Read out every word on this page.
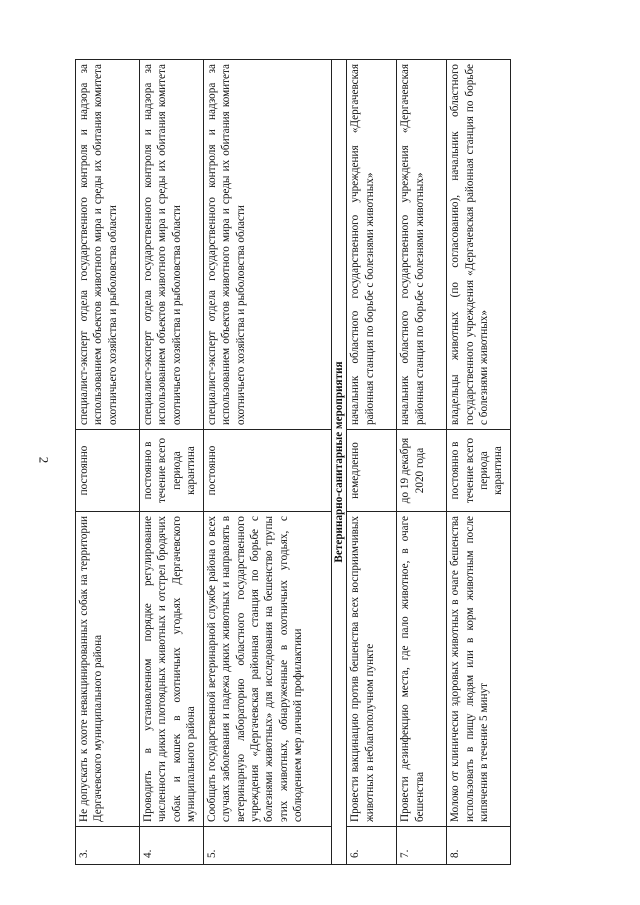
2
3.	Не допускать к охоте невакцинированных собак на территории Дергачевского муниципального района	постоянно	специалист-эксперт отдела государственного контроля и надзора за использованием объектов животного мира и среды их обитания комитета охотничьего хозяйства и рыболовства области
4.	Проводить в установленном порядке регулирование численности диких плотоядных животных и отстрел бродячих собак и кошек в охотничьих угодьях Дергачевского муниципального района	постоянно в течение всего периода карантина	специалист-эксперт отдела государственного контроля и надзора за использованием объектов животного мира и среды их обитания комитета охотничьего хозяйства и рыболовства области
5.	Сообщать государственной ветеринарной службе района о всех случаях заболевания и падежа диких животных и направлять в ветеринарную лабораторию областного государственного учреждения «Дергачевская районная станция по борьбе с болезнями животных» для исследования на бешенство трупы этих животных, обнаруженные в охотничьих угодьях, с соблюдением мер личной профилактики	постоянно	специалист-эксперт отдела государственного контроля и надзора за использованием объектов животного мира и среды их обитания комитета охотничьего хозяйства и рыболовства области
Ветеринарно-санитарные мероприятия			
6.	Провести вакцинацию против бешенства всех восприимчивых животных в неблагополучном пункте	немедленно	начальник областного государственного учреждения «Дергачевская районная станция по борьбе с болезнями животных»
7.	Провести дезинфекцию места, где пало животное, в очаге бешенства	до 19 декабря 2020 года	начальник областного государственного учреждения «Дергачевская районная станция по борьбе с болезнями животных»
8.	Молоко от клинически здоровых животных в очаге бешенства использовать в пищу людям или в корм животным после кипячения в течение 5 минут	постоянно в течение всего периода карантина	владельцы животных (по согласованию), начальник областного государственного учреждения «Дергачевская районная станция по борьбе с болезнями животных»
